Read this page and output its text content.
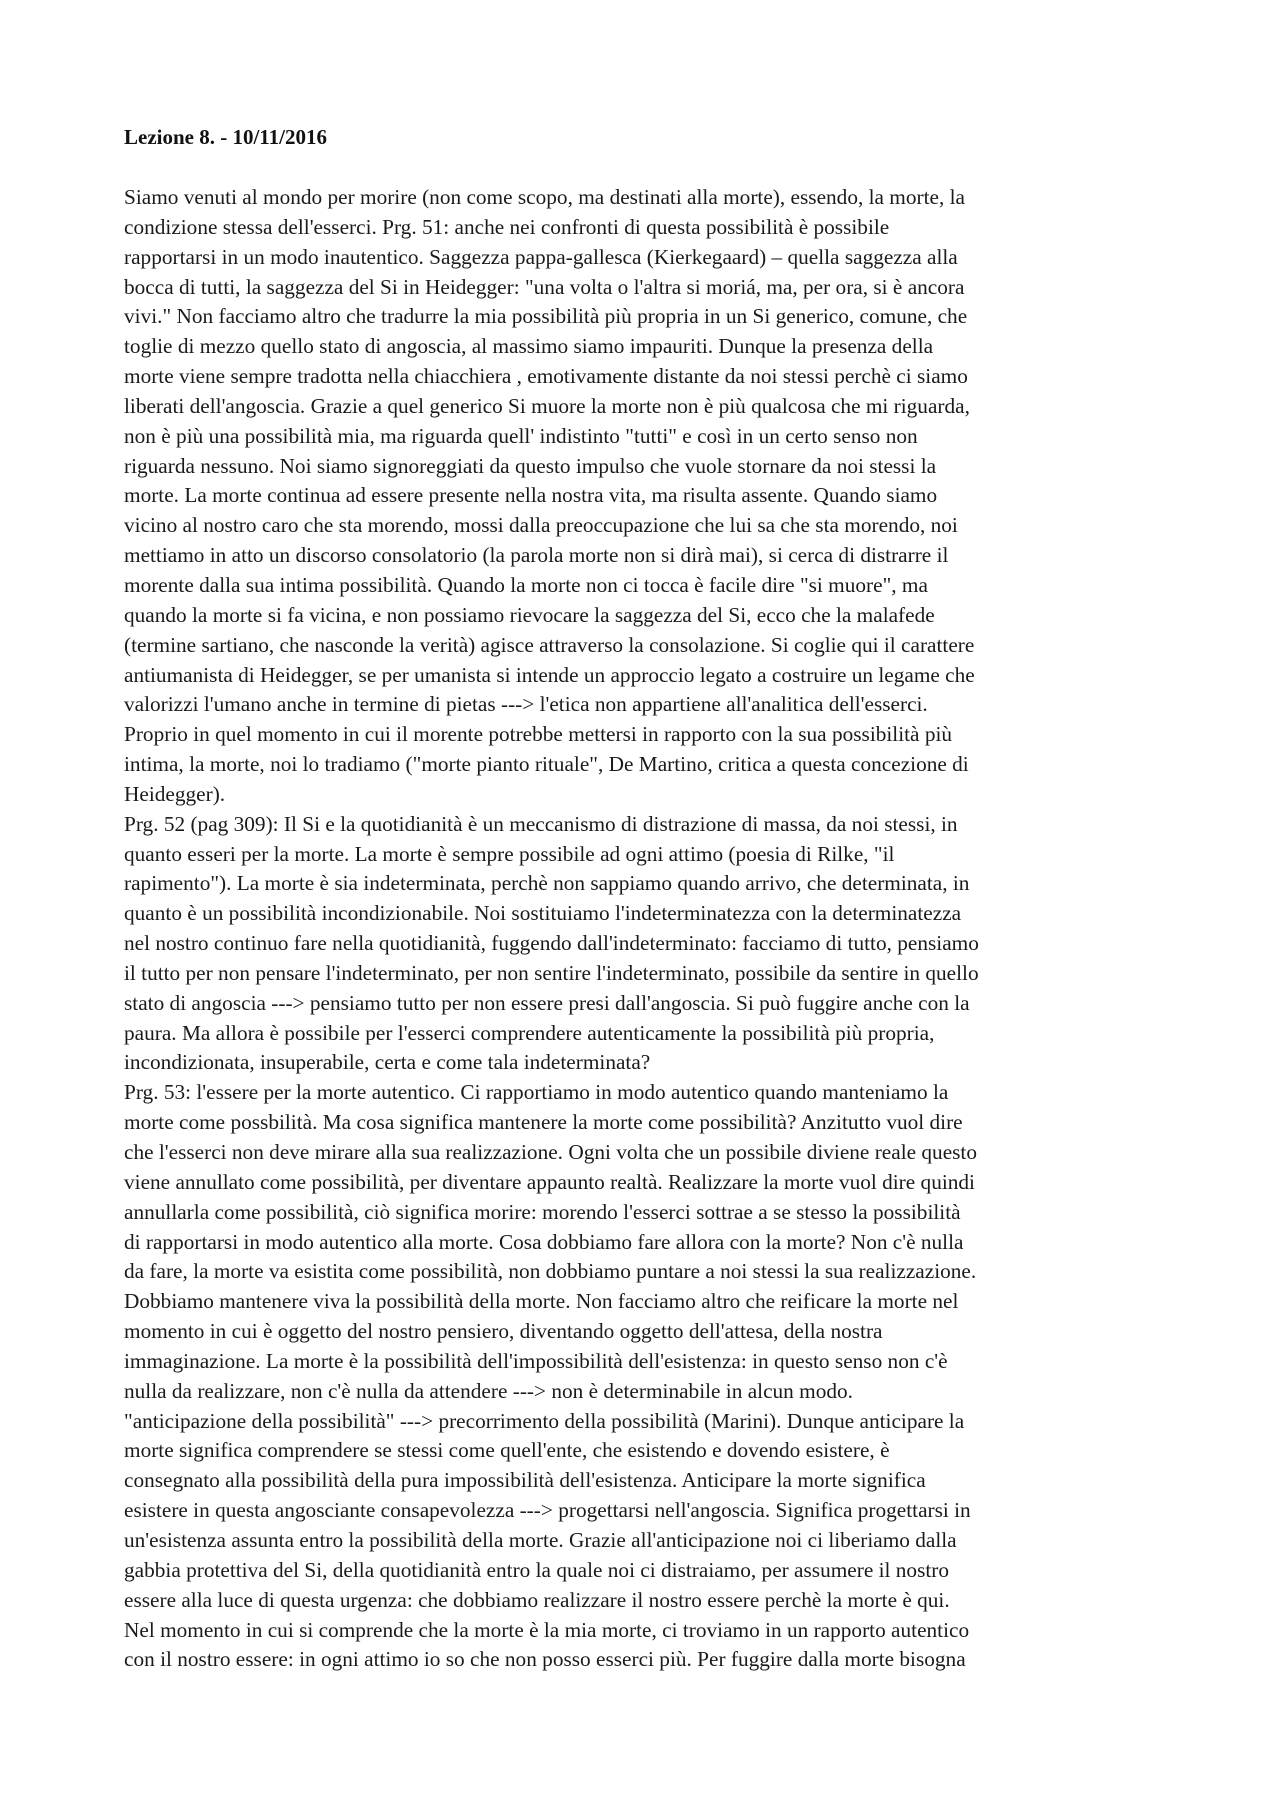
Lezione 8. - 10/11/2016
Siamo venuti al mondo per morire (non come scopo, ma destinati alla morte), essendo, la morte, la
condizione stessa dell'esserci. Prg. 51: anche nei confronti di questa possibilità è possibile
rapportarsi in un modo inautentico. Saggezza pappa-gallesca (Kierkegaard) – quella saggezza alla
bocca di tutti, la saggezza del Si in Heidegger: "una volta o l'altra si moriá, ma, per ora, si è ancora
vivi." Non facciamo altro che tradurre la mia possibilità più propria in un Si generico, comune, che
toglie di mezzo quello stato di angoscia, al massimo siamo impauriti. Dunque la presenza della
morte viene sempre tradotta nella chiacchiera , emotivamente distante da noi stessi perchè ci siamo
liberati dell'angoscia. Grazie a quel generico Si muore la morte non è più qualcosa che mi riguarda,
non è più una possibilità mia, ma riguarda quell' indistinto "tutti" e così in un certo senso non
riguarda nessuno. Noi siamo signoreggiati da questo impulso che vuole stornare da noi stessi la
morte. La morte continua ad essere presente nella nostra vita, ma risulta assente. Quando siamo
vicino al nostro caro che sta morendo, mossi dalla preoccupazione che lui sa che sta morendo, noi
mettiamo in atto un discorso consolatorio (la parola morte non si dirà mai), si cerca di distrarre il
morente dalla sua intima possibilità. Quando la morte non ci tocca è facile dire "si muore", ma
quando la morte si fa vicina, e non possiamo rievocare la saggezza del Si, ecco che la malafede
(termine sartiano, che nasconde la verità) agisce attraverso la consolazione. Si coglie qui il carattere
antiumanista di Heidegger, se per umanista si intende un approccio legato a costruire un legame che
valorizzi l'umano anche in termine di pietas ---> l'etica non appartiene all'analitica dell'esserci.
Proprio in quel momento in cui il morente potrebbe mettersi in rapporto con la sua possibilità più
intima, la morte, noi lo tradiamo ("morte pianto rituale", De Martino, critica a questa concezione di
Heidegger).
Prg. 52 (pag 309): Il Si e la quotidianità è un meccanismo di distrazione di massa, da noi stessi, in
quanto esseri per la morte. La morte è sempre possibile ad ogni attimo (poesia di Rilke, "il
rapimento"). La morte è sia indeterminata, perchè non sappiamo quando arrivo, che determinata, in
quanto è un possibilità incondizionabile. Noi sostituiamo l'indeterminatezza con la determinatezza
nel nostro continuo fare nella quotidianità, fuggendo dall'indeterminato: facciamo di tutto, pensiamo
il tutto per non pensare l'indeterminato, per non sentire l'indeterminato, possibile da sentire in quello
stato di angoscia ---> pensiamo tutto per non essere presi dall'angoscia. Si può fuggire anche con la
paura. Ma allora è possibile per l'esserci comprendere autenticamente la possibilità più propria,
incondizionata, insuperabile, certa e come tala indeterminata?
Prg. 53: l'essere per la morte autentico. Ci rapportiamo in modo autentico quando manteniamo la
morte come possbilità. Ma cosa significa mantenere la morte come possibilità? Anzitutto vuol dire
che l'esserci non deve mirare alla sua realizzazione. Ogni volta che un possibile diviene reale questo
viene annullato come possibilità, per diventare appaunto realtà. Realizzare la morte vuol dire quindi
annullarla come possibilità, ciò significa morire: morendo l'esserci sottrae a se stesso la possibilità
di rapportarsi in modo autentico alla morte. Cosa dobbiamo fare allora con la morte? Non c'è nulla
da fare, la morte va esistita come possibilità, non dobbiamo puntare a noi stessi la sua realizzazione.
Dobbiamo mantenere viva la possibilità della morte. Non facciamo altro che reificare la morte nel
momento in cui è oggetto del nostro pensiero, diventando oggetto dell'attesa, della nostra
immaginazione. La morte è la possibilità dell'impossibilità dell'esistenza: in questo senso non c'è
nulla da realizzare, non c'è nulla da attendere ---> non è determinabile in alcun modo.
"anticipazione della possibilità" ---> precorrimento della possibilità (Marini). Dunque anticipare la
morte significa comprendere se stessi come quell'ente, che esistendo e dovendo esistere, è
consegnato alla possibilità della pura impossibilità dell'esistenza. Anticipare la morte significa
esistere in questa angosciante consapevolezza ---> progettarsi nell'angoscia. Significa progettarsi in
un'esistenza assunta entro la possibilità della morte. Grazie all'anticipazione noi ci liberiamo dalla
gabbia protettiva del Si, della quotidianità entro la quale noi ci distraiamo, per assumere il nostro
essere alla luce di questa urgenza: che dobbiamo realizzare il nostro essere perchè la morte è qui.
Nel momento in cui si comprende che la morte è la mia morte, ci troviamo in un rapporto autentico
con il nostro essere: in ogni attimo io so che non posso esserci più. Per fuggire dalla morte bisogna
